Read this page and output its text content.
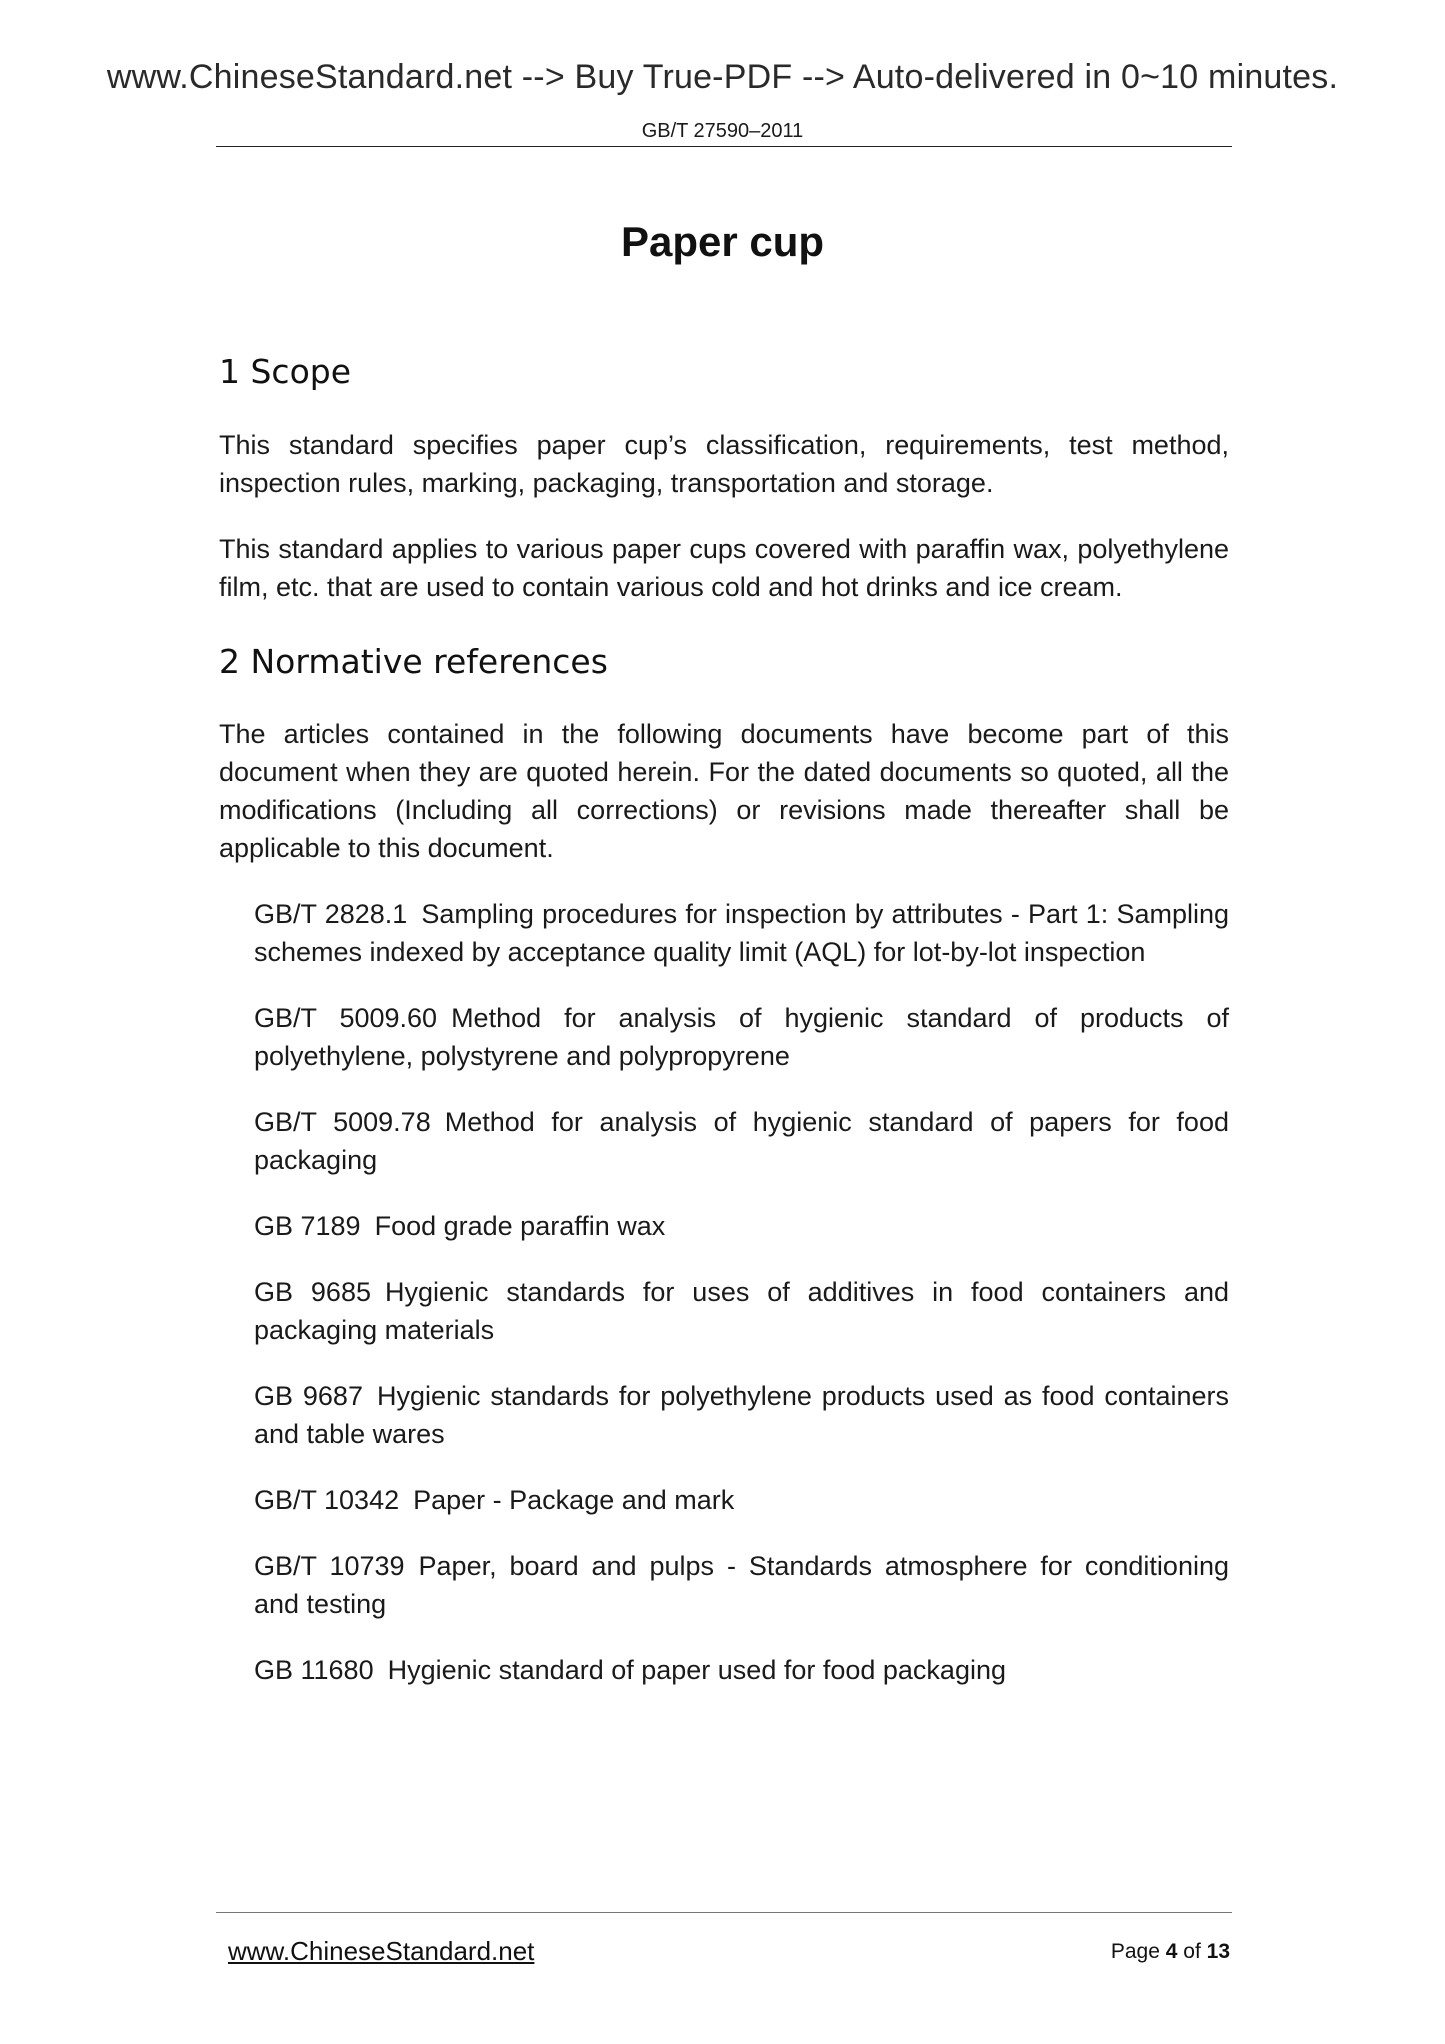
www.ChineseStandard.net --> Buy True-PDF --> Auto-delivered in 0~10 minutes.
GB/T 27590–2011
Paper cup
1 Scope

This standard specifies paper cup’s classification, requirements, test method, inspection rules, marking, packaging, transportation and storage.

This standard applies to various paper cups covered with paraffin wax, polyethylene film, etc. that are used to contain various cold and hot drinks and ice cream.

2 Normative references

The articles contained in the following documents have become part of this document when they are quoted herein. For the dated documents so quoted, all the modifications (Including all corrections) or revisions made thereafter shall be applicable to this document.

GB/T 2828.1 Sampling procedures for inspection by attributes - Part 1: Sampling schemes indexed by acceptance quality limit (AQL) for lot-by-lot inspection

GB/T 5009.60 Method for analysis of hygienic standard of products of polyethylene, polystyrene and polypropyrene

GB/T 5009.78 Method for analysis of hygienic standard of papers for food packaging

GB 7189 Food grade paraffin wax

GB 9685 Hygienic standards for uses of additives in food containers and packaging materials

GB 9687 Hygienic standards for polyethylene products used as food containers and table wares

GB/T 10342 Paper - Package and mark

GB/T 10739 Paper, board and pulps - Standards atmosphere for conditioning and testing

GB 11680 Hygienic standard of paper used for food packaging

www.ChineseStandard.net	Page 4 of 13
